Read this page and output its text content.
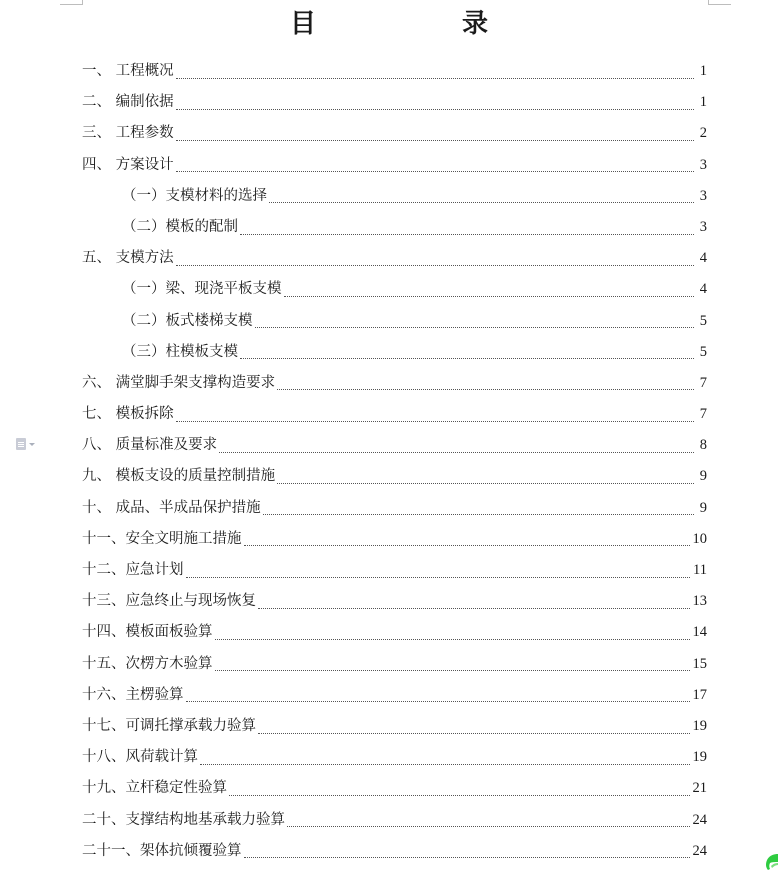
目　录
一、 工程概况	1
二、 编制依据	1
三、 工程参数	2
四、 方案设计	3
（一） 支模材料的选择	3
（二） 模板的配制	3
五、 支模方法	4
（一） 梁、现浇平板支模	4
（二） 板式楼梯支模	5
（三） 柱模板支模	5
六、 满堂脚手架支撑构造要求	7
七、 模板拆除	7
八、 质量标准及要求	8
九、 模板支设的质量控制措施	9
十、 成品、半成品保护措施	9
十一、 安全文明施工措施	10
十二、 应急计划	11
十三、 应急终止与现场恢复	13
十四、 模板面板验算	14
十五、 次楞方木验算	15
十六、 主楞验算	17
十七、 可调托撑承载力验算	19
十八、 风荷载计算	19
十九、 立杆稳定性验算	21
二十、 支撑结构地基承载力验算	24
二十一、 架体抗倾覆验算	24
